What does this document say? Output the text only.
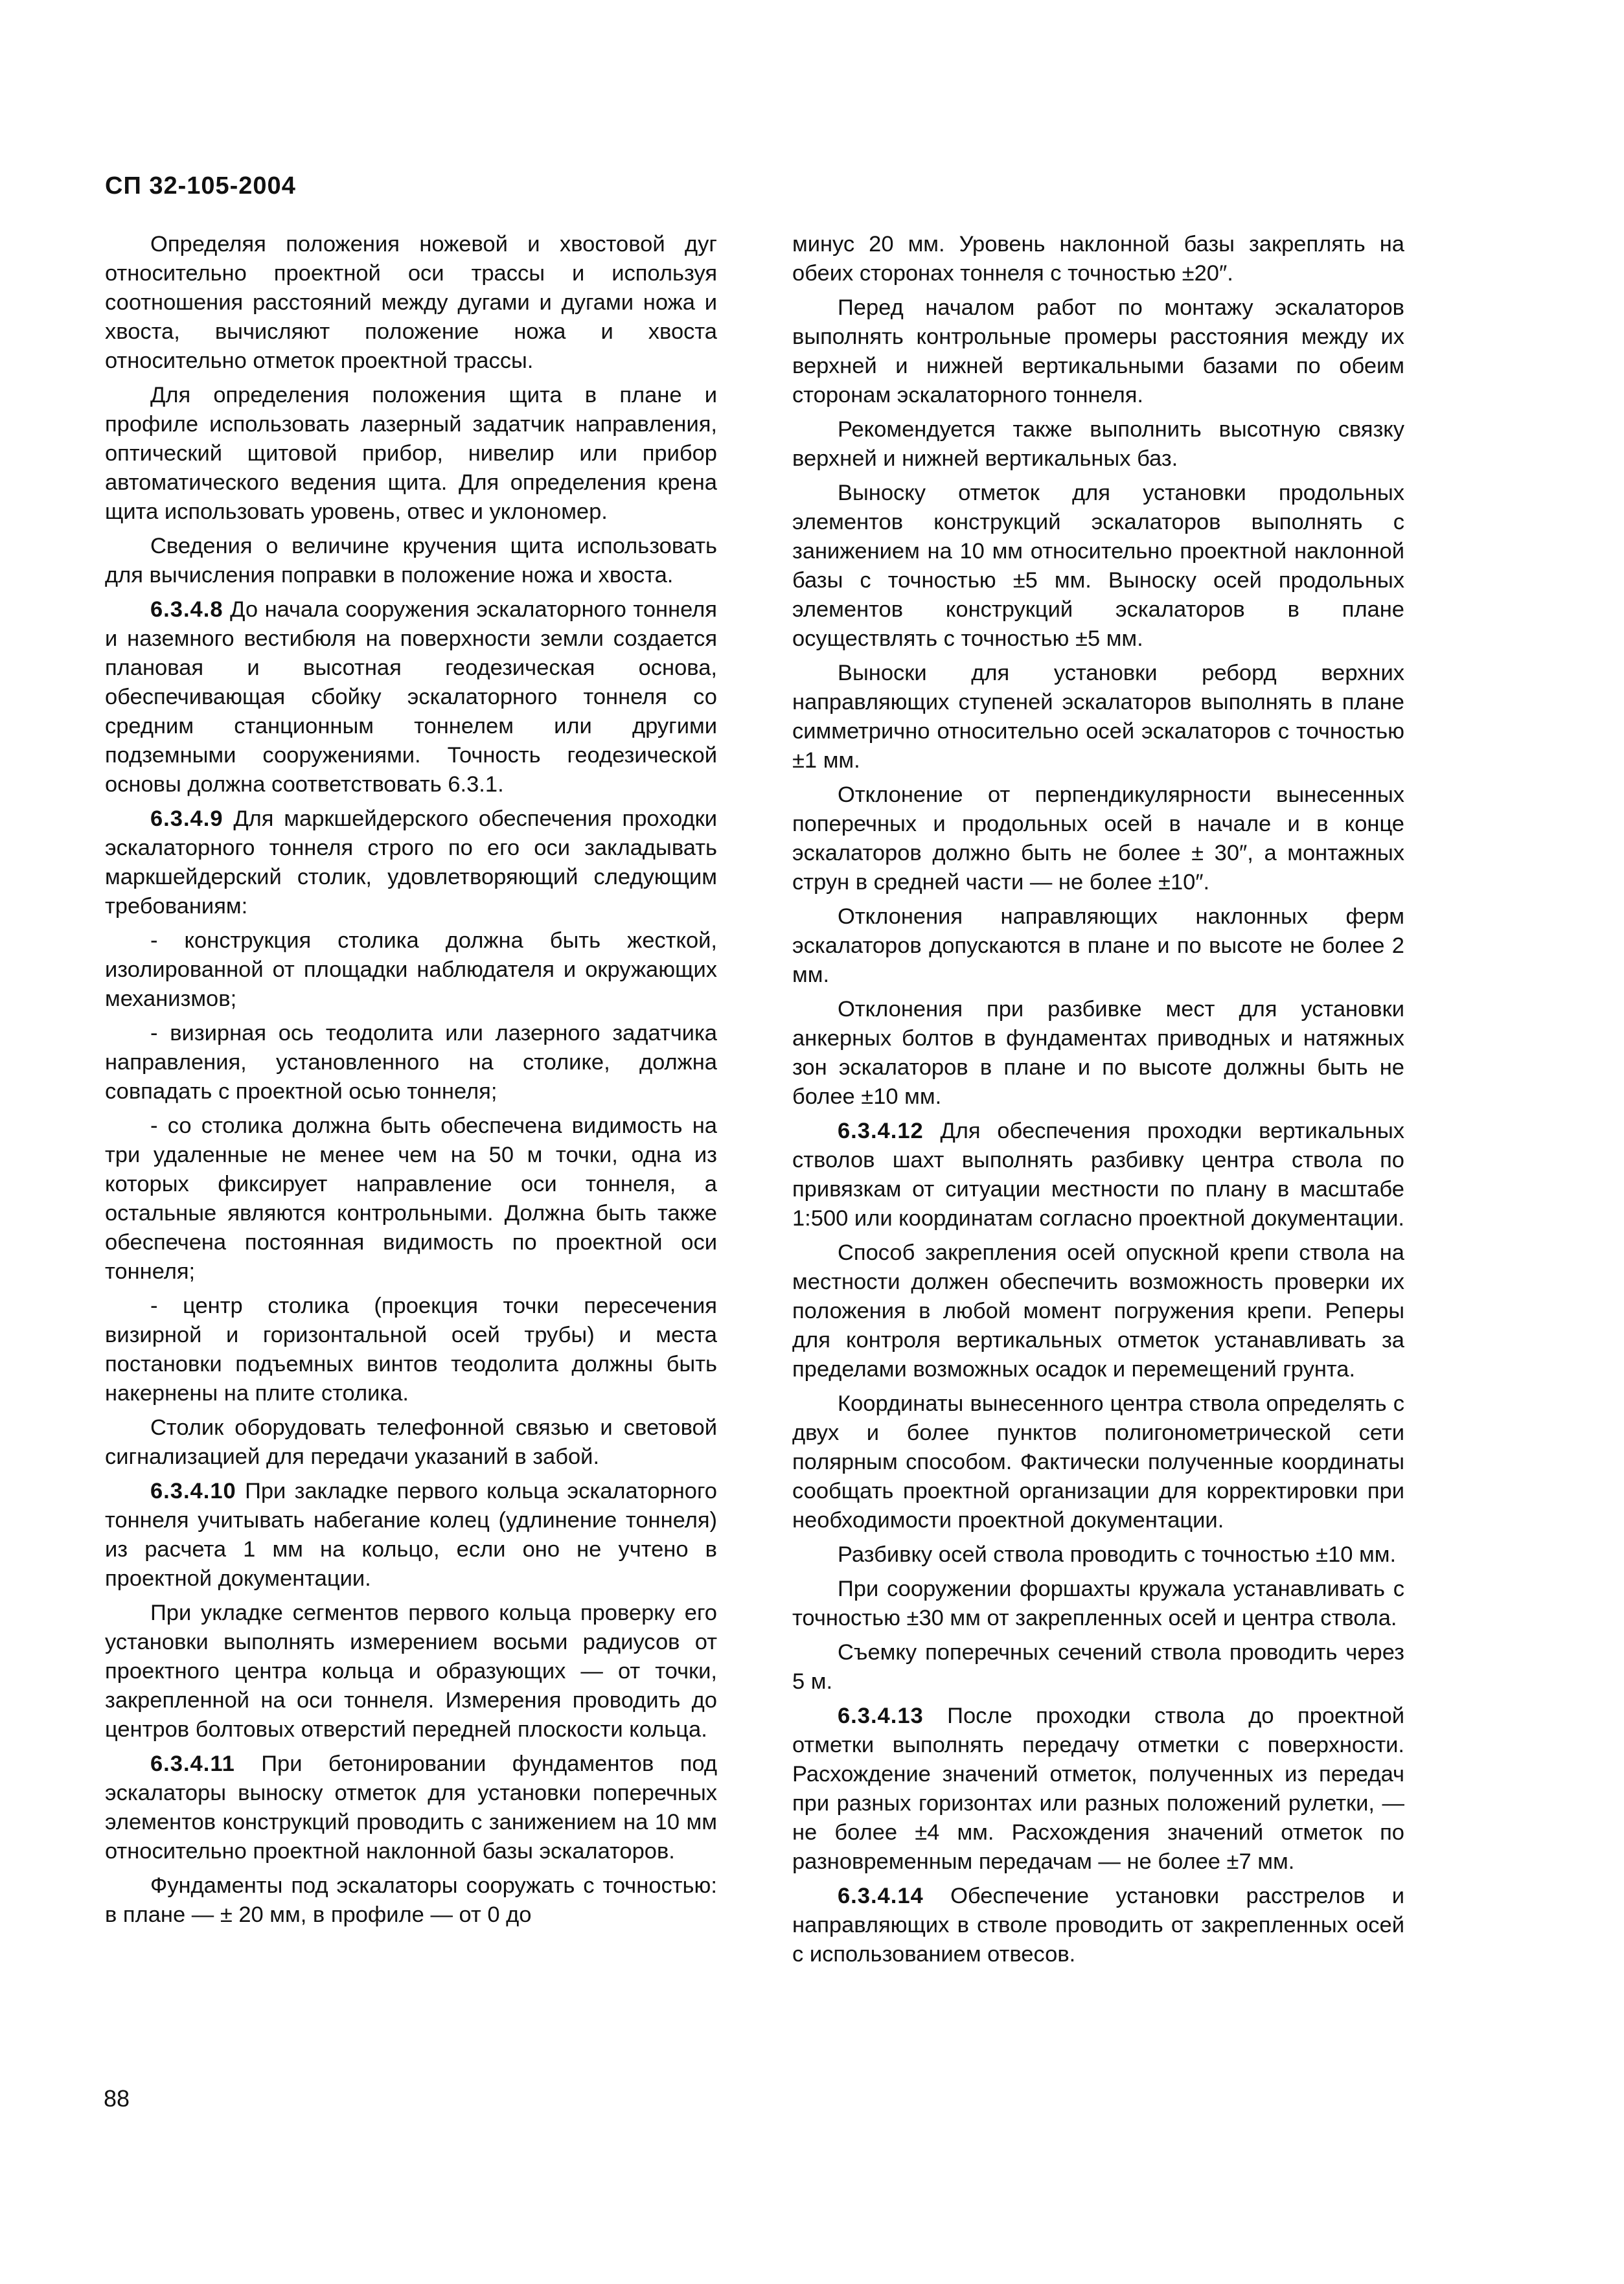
СП 32-105-2004

Определяя положения ножевой и хвостовой дуг относительно проектной оси трассы и используя соотношения расстояний между дугами и дугами ножа и хвоста, вычисляют положение ножа и хвоста относительно отметок проектной трассы.

Для определения положения щита в плане и профиле использовать лазерный задатчик направления, оптический щитовой прибор, нивелир или прибор автоматического ведения щита. Для определения крена щита использовать уровень, отвес и уклономер.

Сведения о величине кручения щита использовать для вычисления поправки в положение ножа и хвоста.

6.3.4.8 До начала сооружения эскалаторного тоннеля и наземного вестибюля на поверхности земли создается плановая и высотная геодезическая основа, обеспечивающая сбойку эскалаторного тоннеля со средним станционным тоннелем или другими подземными сооружениями. Точность геодезической основы должна соответствовать 6.3.1.

6.3.4.9 Для маркшейдерского обеспечения проходки эскалаторного тоннеля строго по его оси закладывать маркшейдерский столик, удовлетворяющий следующим требованиям:

- конструкция столика должна быть жесткой, изолированной от площадки наблюдателя и окружающих механизмов;

- визирная ось теодолита или лазерного задатчика направления, установленного на столике, должна совпадать с проектной осью тоннеля;

- со столика должна быть обеспечена видимость на три удаленные не менее чем на 50 м точки, одна из которых фиксирует направление оси тоннеля, а остальные являются контрольными. Должна быть также обеспечена постоянная видимость по проектной оси тоннеля;

- центр столика (проекция точки пересечения визирной и горизонтальной осей трубы) и места постановки подъемных винтов теодолита должны быть накернены на плите столика.

Столик оборудовать телефонной связью и световой сигнализацией для передачи указаний в забой.

6.3.4.10 При закладке первого кольца эскалаторного тоннеля учитывать набегание колец (удлинение тоннеля) из расчета 1 мм на кольцо, если оно не учтено в проектной документации.

При укладке сегментов первого кольца проверку его установки выполнять измерением восьми радиусов от проектного центра кольца и образующих — от точки, закрепленной на оси тоннеля. Измерения проводить до центров болтовых отверстий передней плоскости кольца.

6.3.4.11 При бетонировании фундаментов под эскалаторы выноску отметок для установки поперечных элементов конструкций проводить с занижением на 10 мм относительно проектной наклонной базы эскалаторов.

Фундаменты под эскалаторы сооружать с точностью: в плане — ± 20 мм, в профиле — от 0 до

минус 20 мм. Уровень наклонной базы закреплять на обеих сторонах тоннеля с точностью ±20″.

Перед началом работ по монтажу эскалаторов выполнять контрольные промеры расстояния между их верхней и нижней вертикальными базами по обеим сторонам эскалаторного тоннеля.

Рекомендуется также выполнить высотную связку верхней и нижней вертикальных баз.

Выноску отметок для установки продольных элементов конструкций эскалаторов выполнять с занижением на 10 мм относительно проектной наклонной базы с точностью ±5 мм. Выноску осей продольных элементов конструкций эскалаторов в плане осуществлять с точностью ±5 мм.

Выноски для установки реборд верхних направляющих ступеней эскалаторов выполнять в плане симметрично относительно осей эскалаторов с точностью ±1 мм.

Отклонение от перпендикулярности вынесенных поперечных и продольных осей в начале и в конце эскалаторов должно быть не более ± 30″, а монтажных струн в средней части — не более ±10″.

Отклонения направляющих наклонных ферм эскалаторов допускаются в плане и по высоте не более 2 мм.

Отклонения при разбивке мест для установки анкерных болтов в фундаментах приводных и натяжных зон эскалаторов в плане и по высоте должны быть не более ±10 мм.

6.3.4.12 Для обеспечения проходки вертикальных стволов шахт выполнять разбивку центра ствола по привязкам от ситуации местности по плану в масштабе 1:500 или координатам согласно проектной документации.

Способ закрепления осей опускной крепи ствола на местности должен обеспечить возможность проверки их положения в любой момент погружения крепи. Реперы для контроля вертикальных отметок устанавливать за пределами возможных осадок и перемещений грунта.

Координаты вынесенного центра ствола определять с двух и более пунктов полигонометрической сети полярным способом. Фактически полученные координаты сообщать проектной организации для корректировки при необходимости проектной документации.

Разбивку осей ствола проводить с точностью ±10 мм.

При сооружении форшахты кружала устанавливать с точностью ±30 мм от закрепленных осей и центра ствола.

Съемку поперечных сечений ствола проводить через 5 м.

6.3.4.13 После проходки ствола до проектной отметки выполнять передачу отметки с поверхности. Расхождение значений отметок, полученных из передач при разных горизонтах или разных положений рулетки, — не более ±4 мм. Расхождения значений отметок по разновременным передачам — не более ±7 мм.

6.3.4.14 Обеспечение установки расстрелов и направляющих в стволе проводить от закрепленных осей с использованием отвесов.

88
